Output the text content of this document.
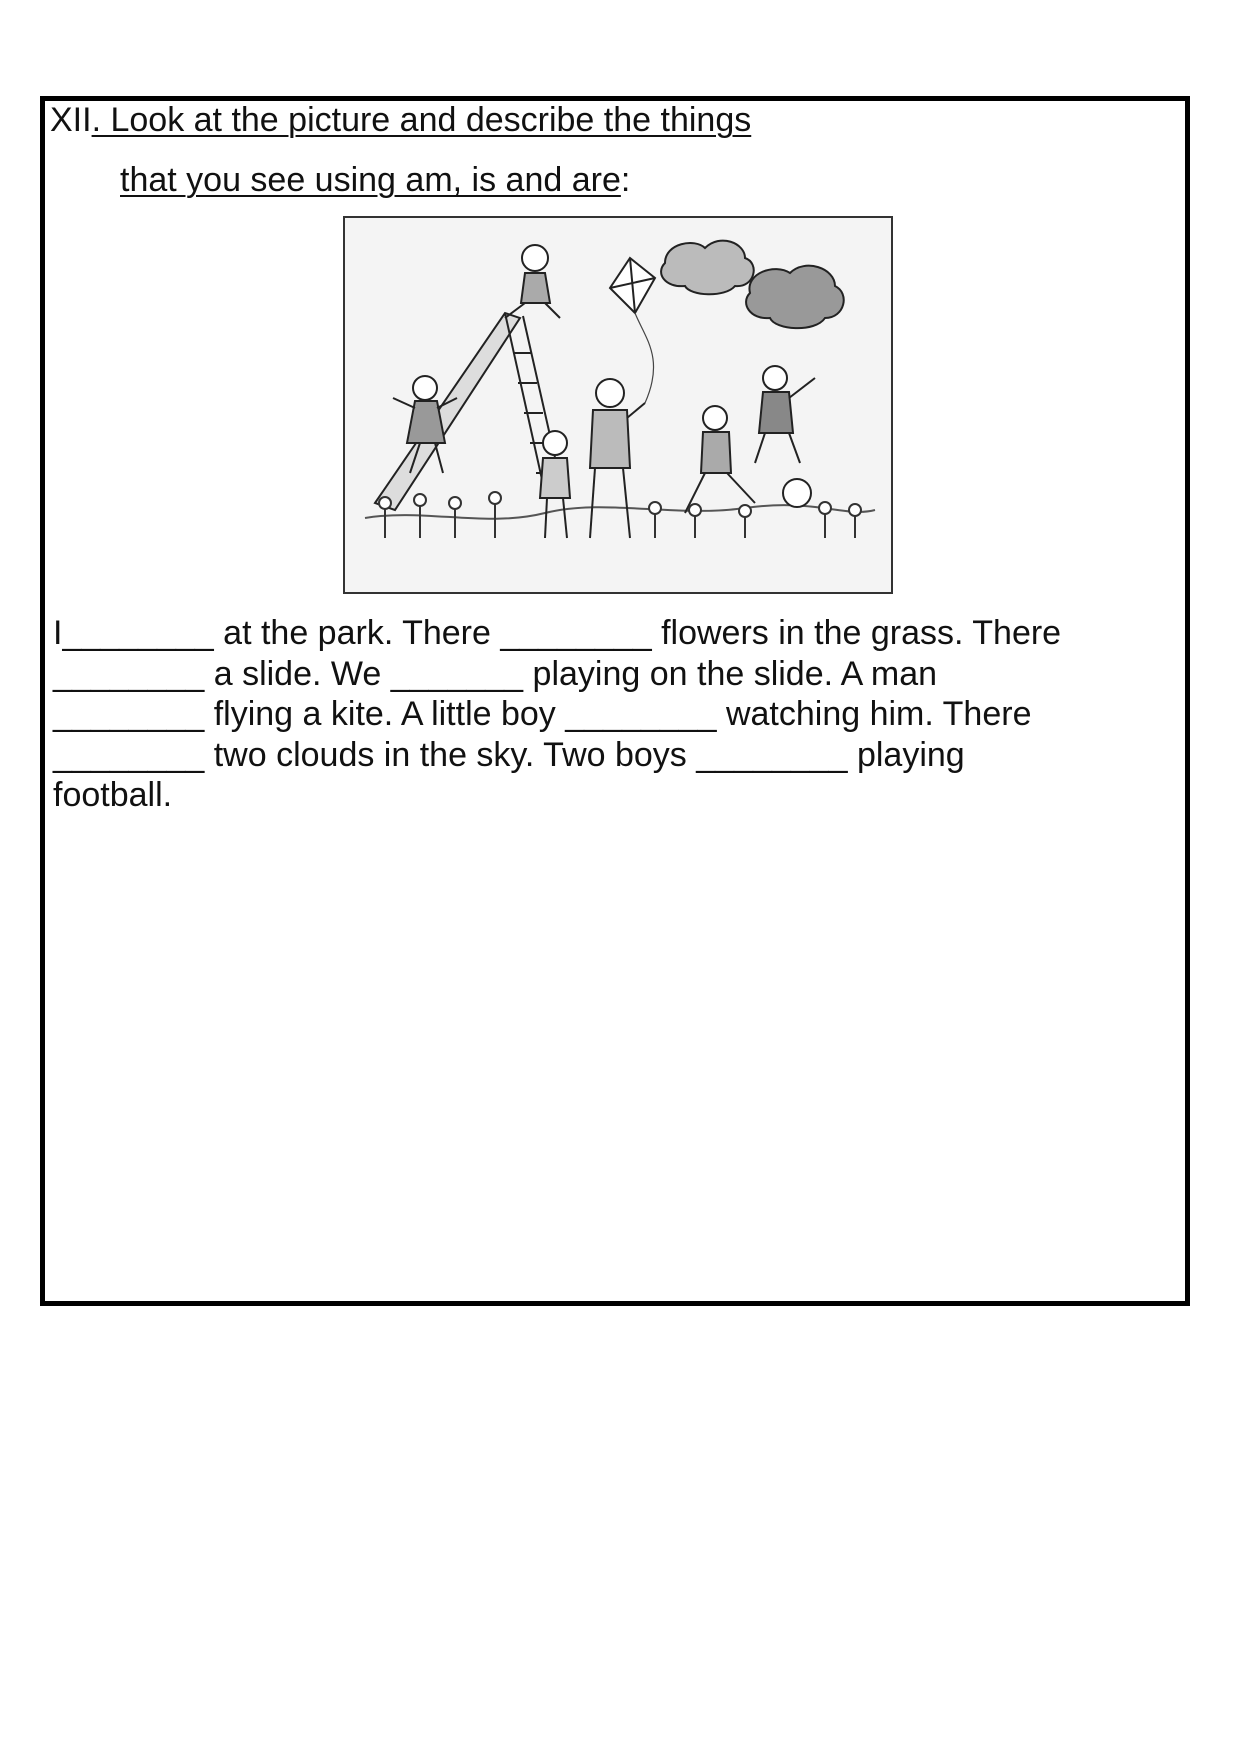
XII. Look at the picture and describe the things
that you see using am, is and are:
I________ at the park. There ________ flowers in the grass. There
________ a slide. We _______ playing on the slide. A man
________ flying a kite. A little boy ________ watching him. There
________ two clouds in the sky. Two boys ________ playing
football.
